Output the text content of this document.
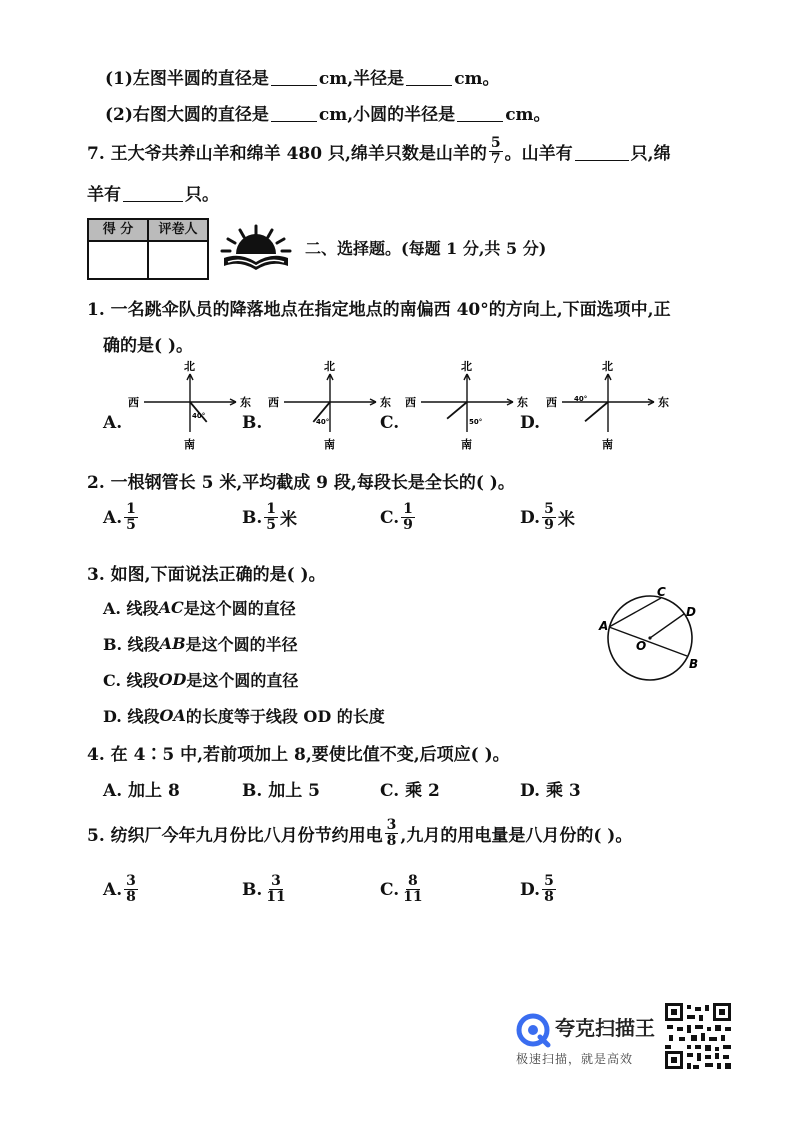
(1)左图半圆的直径是	cm,半径是	cm。
(2)右图大圆的直径是	cm,小圆的半径是	cm。
7. 王大爷共养山羊和绵羊 480 只,绵羊只数是山羊的 $\frac{5}{7}$ 。山羊有	只,绵
羊有	只。
得 分	评卷人
二、选择题。(每题 1 分,共 5 分)
1. 一名跳伞队员的降落地点在指定地点的南偏西 40°的方向上,下面选项中,正
确的是( )。
A.
北
南
西	东
40° B.
北
南
西	东
40°	C.
北
南
西	东
50° D.
北
南
西	东
40°
2. 一根钢管长 5 米,平均截成 9 段,每段长是全长的( )。
A. $\frac{1}{5}$	B. $\frac{1}{5}$ 米	C. $\frac{1}{9}$	D. $\frac{5}{9}$ 米
3. 如图,下面说法正确的是( )。
A. 线段 AC 是这个圆的直径
B. 线段 AB 是这个圆的半径
C. 线段 OD 是这个圆的直径
D. 线段 OA 的长度等于线段 OD 的长度
A
C
D
O
B
4. 在 4∶5 中,若前项加上 8,要使比值不变,后项应( )。
A. 加上 8	B. 加上 5	C. 乘 2	D. 乘 3
5. 纺织厂今年九月份比八月份节约用电 $\frac{3}{8}$ ,九月的用电量是八月份的( )。
A. $\frac{3}{8}$	B. $\frac{3}{11}$	C. $\frac{8}{11}$	D. $\frac{5}{8}$
夸克扫描王
极速扫描，就是高效
